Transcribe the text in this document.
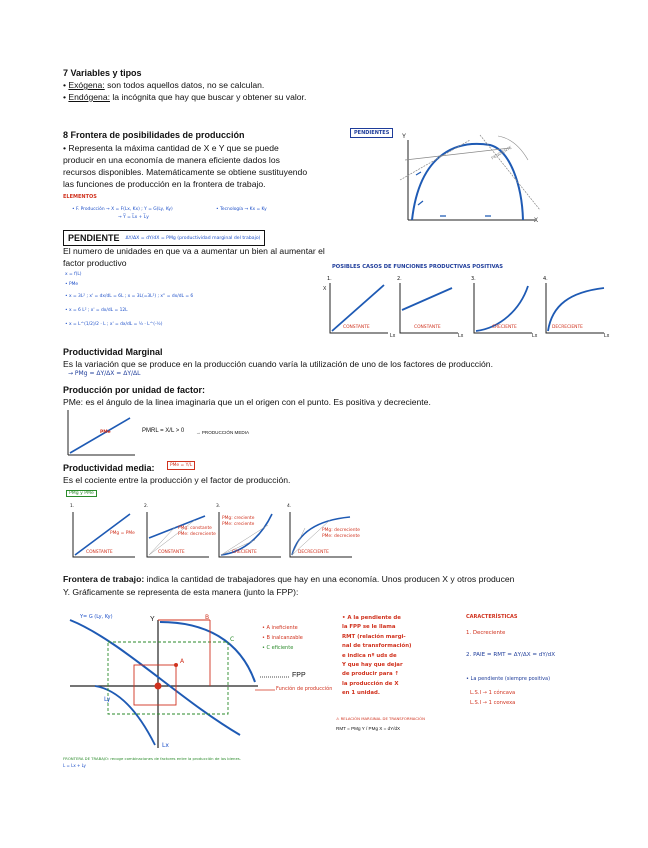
7 Variables y tipos
• Exógena: son todos aquellos datos, no se calculan.
• Endógena: la incógnita que hay que buscar y obtener su valor.
8 Frontera de posibilidades de producción
• Representa la máxima cantidad de X e Y que se puede
producir en una economía de manera eficiente dados los
recursos disponibles. Matemáticamente se obtiene sustituyendo
las funciones de producción en la frontera de trabajo.
ELEMENTOS
• F. Producción → X = F(Lx, Kx) ; Y = G(Ly, Ky)
→ Y̅ = L̅x + L̅y
• Tecnología → Kx = Ky
PENDIENTES
Y
X
PENDIENTE
PENDIENTE ΔY/ΔX = dY/dX = PMg (productividad marginal del trabajo)
El numero de unidades en que va a aumentar un bien al aumentar el
factor productivo
x = f(L)
• PMe
• x = 3L² ; x' = dx/dL = 6L ; x = 3L(=3L²) ; x'' = dx/dL = 6
• x = 6 L² ; x' = dx/dL = 12L
• x = L^(1/2)/2 · L ; x' = dx/dL = ½ · L^(-½)
POSIBLES CASOS DE FUNCIONES PRODUCTIVAS POSITIVAS
1.	2.	3.	4.
CONSTANTE	CONSTANTE	CRECIENTE	DECRECIENTE
X
Lx	Lx	Lx	Lx
Productividad Marginal
Es la variación que se produce en la producción cuando varía la utilización de uno de los factores de producción.
→ PMg = ΔY/ΔX = ΔY/ΔL
Producción por unidad de factor:
PMe: es el ángulo de la linea imaginaria que un el origen con el punto. Es positiva y decreciente.
PMe	PMRL = X/L > 0	→ PRODUCCIÓN MEDIA
Productividad media:	PMe = Y/L
Es el cociente entre la producción y el factor de producción.
PMg y PMe
1.	2.	3.	4.
PMg = PMe
PMg: constante
PMe: decreciente
PMg: creciente
PMe: creciente
PMg: decreciente
PMe: decreciente
CONSTANTE	CONSTANTE	CRECIENTE	DECRECIENTE
Frontera de trabajo: indica la cantidad de trabajadores que hay en una economía. Unos producen X y otros producen
Y. Gráficamente se representa de esta manera (junto la FPP):
Y= G (Ly, Ky)	Y
• A ineficiente
• B inalcanzable
• C eficiente
FPP
Función de producción
A
B
C
Ly
Lx
FRONTERA DE TRABAJO: recoge combinaciones de factores entre la producción de los bienes.
L = Lx + Ly
• A la pendiente de
la FPP se le llama
RMT (relación margi-
nal de transformación)
e indica nº uds de
Y que hay que dejar
de producir para ↑
la producción de X
en 1 unidad.
⚠ RELACIÓN MARGINAL DE TRANSFORMACIÓN
RMT = PMg Y / PMg X = dY/dX
CARACTERÍSTICAS
1. Decreciente
2. PAIE = RMT = ΔY/ΔX = dY/dX
• La pendiente (siempre positiva)
L.S.I → 1 cóncava
L.S.I → 1 convexa
